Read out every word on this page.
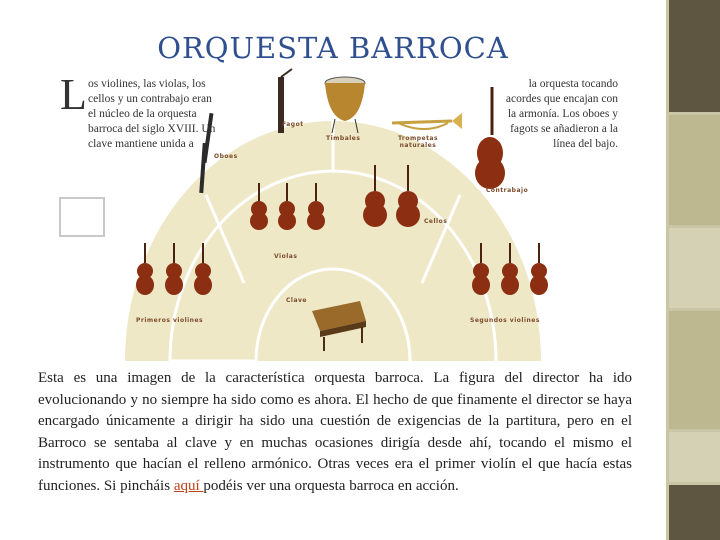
ORQUESTA BARROCA
L os violines, las violas, los cellos y un contrabajo eran el núcleo de la orquesta barroca del siglo XVIII. Un clave mantiene unida a
la orquesta tocando acordes que encajan con la armonía. Los oboes y fagots se añadieron a la línea del bajo.
Fagot
Timbales	Trompetas naturales
Oboes
Contrabajo
Cellos
Violas
Clave
Primeros violines	Segundos violines
Esta es una imagen de la característica orquesta barroca. La figura del director ha ido evolucionando y no siempre ha sido como es ahora. El hecho de que finamente el director se haya encargado únicamente a dirigir ha sido una cuestión de exigencias de la partitura, pero en el Barroco se sentaba al clave y en muchas ocasiones dirigía desde ahí, tocando el mismo el instrumento que hacían el relleno armónico. Otras veces era el primer violín el que hacía estas funciones. Si pincháis aquí podéis ver una orquesta barroca en acción.
